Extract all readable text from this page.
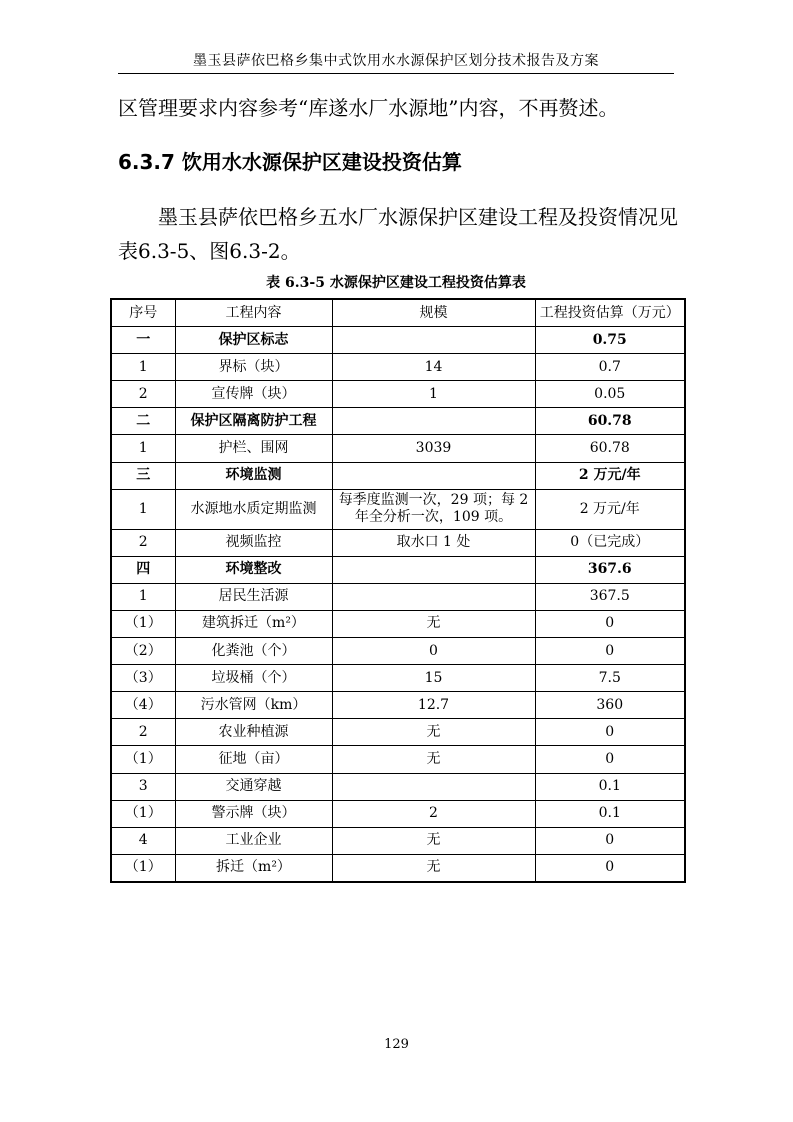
墨玉县萨依巴格乡集中式饮用水水源保护区划分技术报告及方案
区管理要求内容参考“库遂水厂水源地”内容，不再赘述。
6.3.7 饮用水水源保护区建设投资估算
墨玉县萨依巴格乡五水厂水源保护区建设工程及投资情况见表6.3-5、图6.3-2。
表 6.3-5 水源保护区建设工程投资估算表
序号	工程内容	规模	工程投资估算（万元）
一	保护区标志		0.75
1	界标（块）	14	0.7
2	宣传牌（块）	1	0.05
二	保护区隔离防护工程		60.78
1	护栏、围网	3039	60.78
三	环境监测		2 万元/年
1	水源地水质定期监测	每季度监测一次，29 项；每 2 年全分析一次，109 项。	2 万元/年
2	视频监控	取水口 1 处	0（已完成）
四	环境整改		367.6
1	居民生活源		367.5
（1）	建筑拆迁（m²）	无	0
（2）	化粪池（个）	0	0
（3）	垃圾桶（个）	15	7.5
（4）	污水管网（km）	12.7	360
2	农业种植源	无	0
（1）	征地（亩）	无	0
3	交通穿越		0.1
（1）	警示牌（块）	2	0.1
4	工业企业	无	0
（1）	拆迁（m²）	无	0
129
